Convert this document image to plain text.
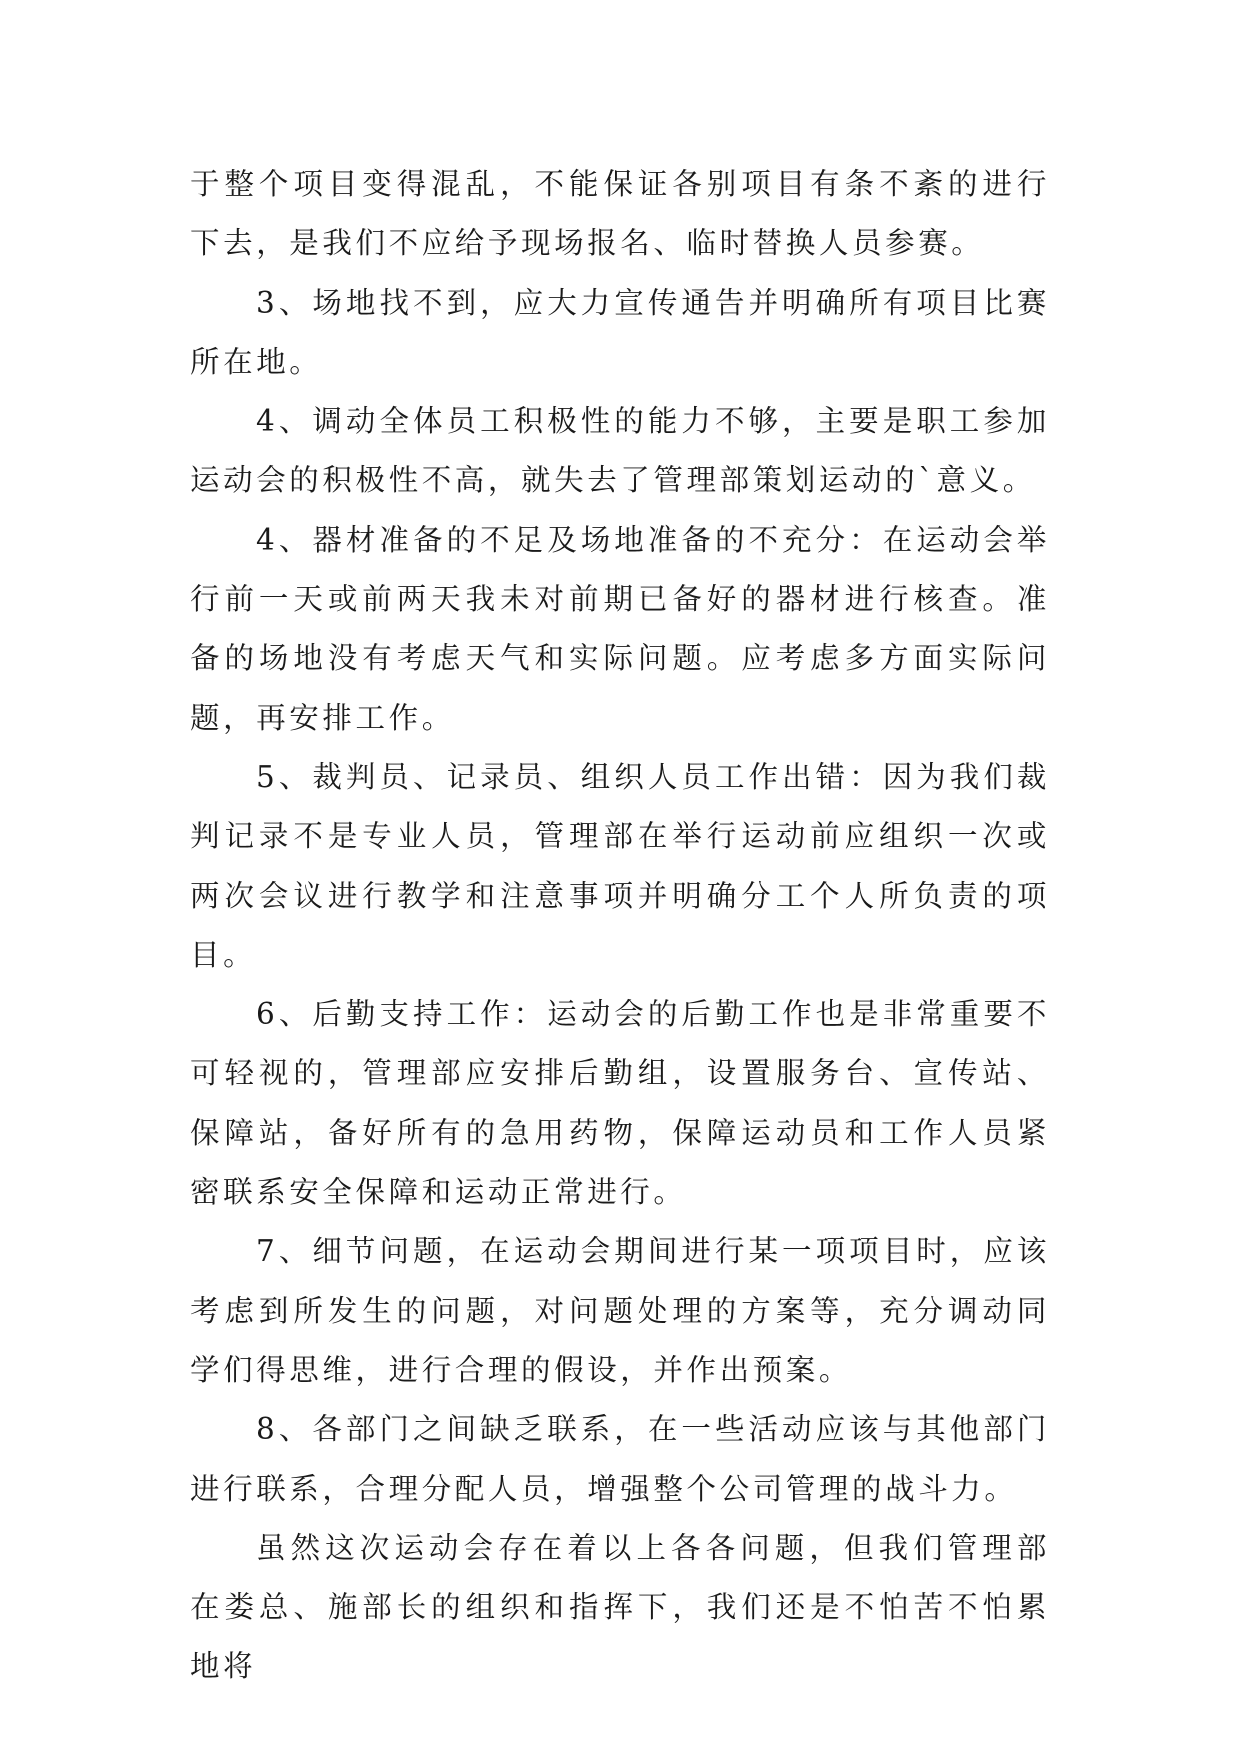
于整个项目变得混乱，不能保证各别项目有条不紊的进行下去，是我们不应给予现场报名、临时替换人员参赛。

3、场地找不到，应大力宣传通告并明确所有项目比赛所在地。

4、调动全体员工积极性的能力不够，主要是职工参加运动会的积极性不高，就失去了管理部策划运动的`意义。

4、器材准备的不足及场地准备的不充分：在运动会举行前一天或前两天我未对前期已备好的器材进行核查。准备的场地没有考虑天气和实际问题。应考虑多方面实际问题，再安排工作。

5、裁判员、记录员、组织人员工作出错：因为我们裁判记录不是专业人员，管理部在举行运动前应组织一次或两次会议进行教学和注意事项并明确分工个人所负责的项目。

6、后勤支持工作：运动会的后勤工作也是非常重要不可轻视的，管理部应安排后勤组，设置服务台、宣传站、保障站，备好所有的急用药物，保障运动员和工作人员紧密联系安全保障和运动正常进行。

7、细节问题，在运动会期间进行某一项项目时，应该考虑到所发生的问题，对问题处理的方案等，充分调动同学们得思维，进行合理的假设，并作出预案。

8、各部门之间缺乏联系，在一些活动应该与其他部门进行联系，合理分配人员，增强整个公司管理的战斗力。

虽然这次运动会存在着以上各各问题，但我们管理部在娄总、施部长的组织和指挥下，我们还是不怕苦不怕累地将
